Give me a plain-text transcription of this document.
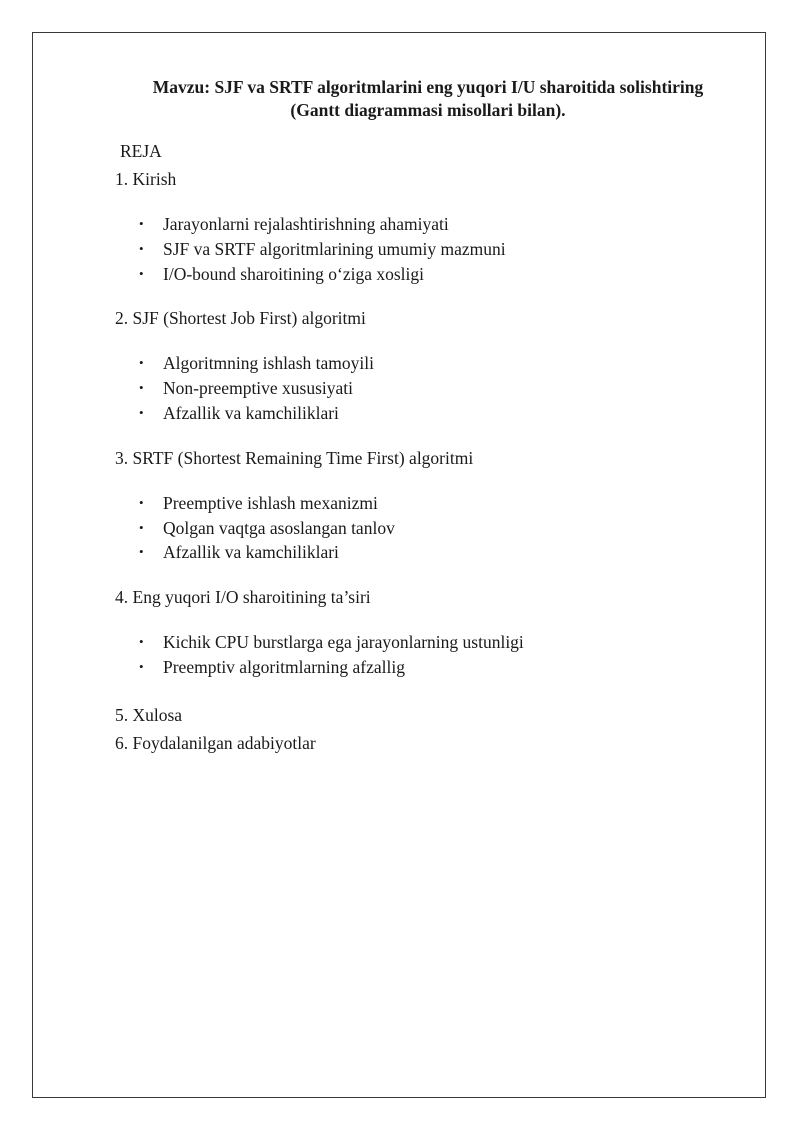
Mavzu: SJF va SRTF algoritmlarini eng yuqori I/U sharoitida solishtiring
(Gantt diagrammasi misollari bilan).

REJA

1. Kirish

• Jarayonlarni rejalashtirishning ahamiyati
• SJF va SRTF algoritmlarining umumiy mazmuni
• I/O-bound sharoitining o‘ziga xosligi

2. SJF (Shortest Job First) algoritmi

• Algoritmning ishlash tamoyili
• Non-preemptive xususiyati
• Afzallik va kamchiliklari

3. SRTF (Shortest Remaining Time First) algoritmi

• Preemptive ishlash mexanizmi
• Qolgan vaqtga asoslangan tanlov
• Afzallik va kamchiliklari

4. Eng yuqori I/O sharoitining ta’siri

• Kichik CPU burstlarga ega jarayonlarning ustunligi
• Preemptiv algoritmlarning afzallig

5. Xulosa

6. Foydalanilgan adabiyotlar
